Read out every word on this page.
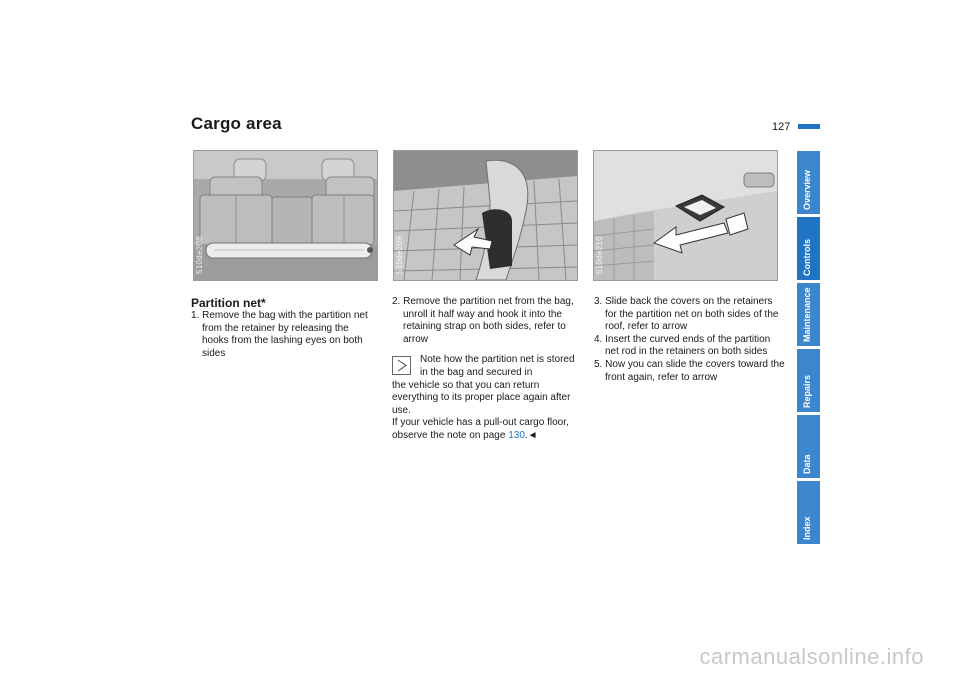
Cargo area	127
510de208	510de209	510de210
Partition net*

1. Remove the bag with the partition net from the retainer by releasing the hooks from the lashing eyes on both sides

2. Remove the partition net from the bag, unroll it half way and hook it into the retaining strap on both sides, refer to arrow

Note how the partition net is stored in the bag and secured in

the vehicle so that you can return everything to its proper place again after use.

If your vehicle has a pull-out cargo floor, observe the note on page 130.◄

3. Slide back the covers on the retainers for the partition net on both sides of the roof, refer to arrow

4. Insert the curved ends of the partition net rod in the retainers on both sides

5. Now you can slide the covers toward the front again, refer to arrow

Overview
Controls
Maintenance
Repairs
Data
Index
carmanualsonline.info
